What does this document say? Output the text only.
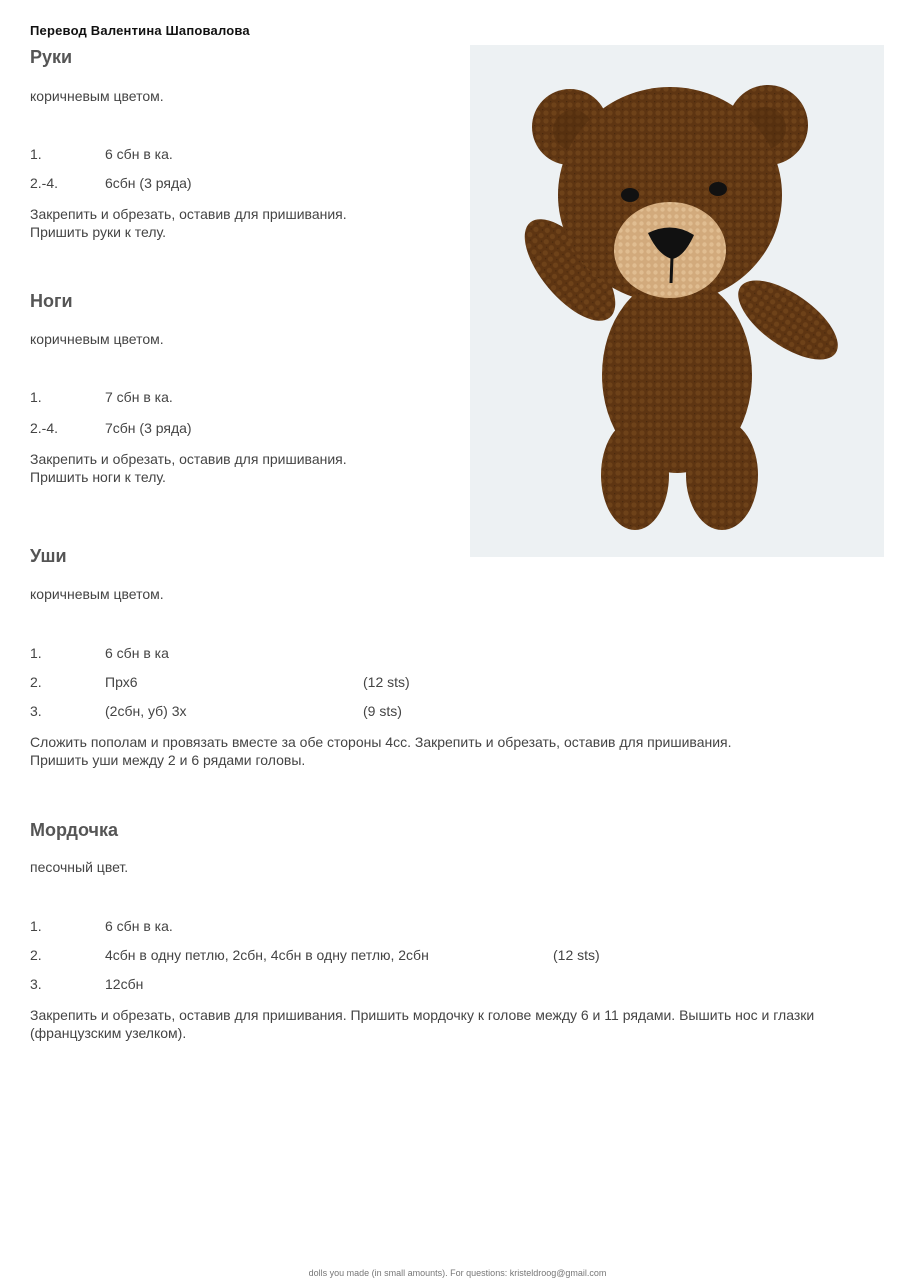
Перевод Валентина Шаповалова
Руки
коричневым цветом.
1.	6 сбн в ка.
2.-4.	6сбн (3 ряда)
Закрепить и обрезать, оставив для пришивания.
Пришить руки к телу.
Ноги
коричневым цветом.
1.	7 сбн в ка.
2.-4.	7сбн (3 ряда)
Закрепить и обрезать, оставив для пришивания.
Пришить ноги к телу.
Уши
коричневым цветом.
1.	6 сбн в ка
2.	Прх6	(12 sts)
3.	(2сбн, уб) 3х	(9 sts)
Сложить пополам и провязать вместе за обе стороны 4сс. Закрепить и обрезать, оставив для пришивания.
Пришить уши между 2 и 6 рядами головы.
Мордочка
песочный цвет.
1.	6 сбн в ка.
2.	4сбн в одну петлю, 2сбн, 4сбн в одну петлю, 2сбн	(12 sts)
3.	12сбн
Закрепить и обрезать, оставив для пришивания. Пришить мордочку к голове между 6 и 11 рядами. Вышить нос и глазки (французским узелком).
dolls you made (in small amounts). For questions: kristeldroog@gmail.com
